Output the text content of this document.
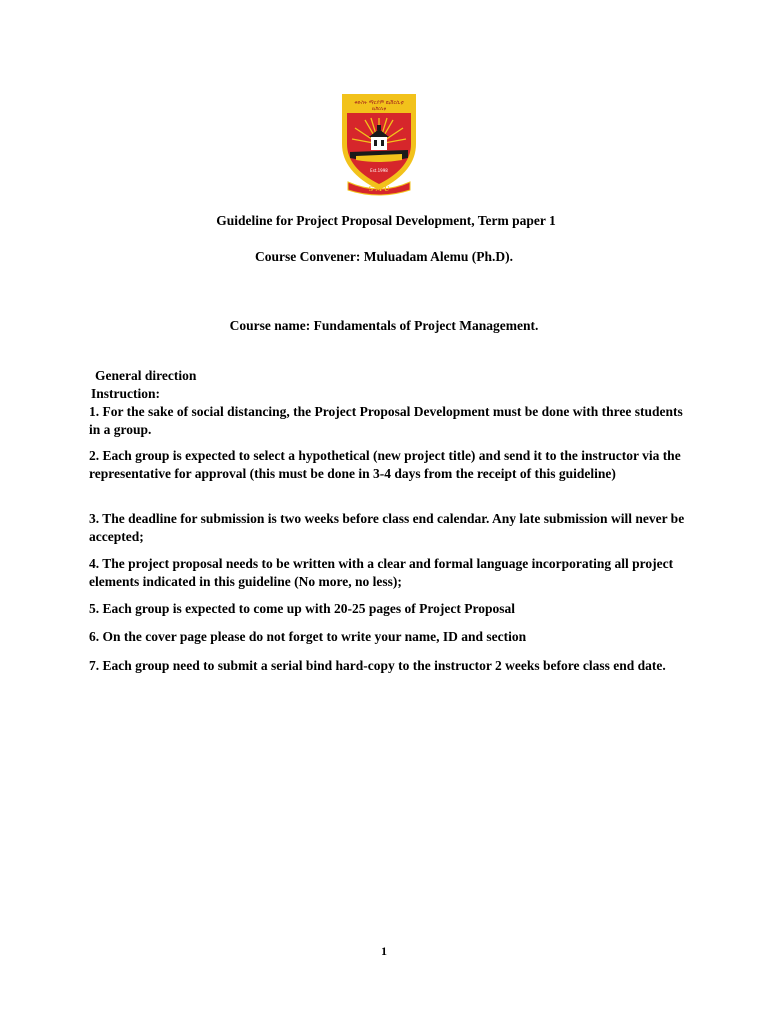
ቅድስት ማርያም ዩኒቨርሲቲ
ዩኒቨርሲቲ
Est.1998
S M U
Guideline for Project Proposal Development, Term paper 1
Course Convener: Muluadam Alemu (Ph.D).
Course name: Fundamentals of Project Management.
General direction
Instruction:
1. For the sake of social distancing, the Project Proposal Development must be done with three students in a group.
2. Each group is expected to select a hypothetical (new project title) and send it to the instructor via the representative for approval (this must be done in 3-4 days from the receipt of this guideline)
3. The deadline for submission is two weeks before class end calendar. Any late submission will never be accepted;
4. The project proposal needs to be written with a clear and formal language incorporating all project elements indicated in this guideline (No more, no less);
5. Each group is expected to come up with 20-25 pages of Project Proposal
6. On the cover page please do not forget to write your name, ID and section
7. Each group need to submit a serial bind hard-copy to the instructor 2 weeks before class end date.
1
